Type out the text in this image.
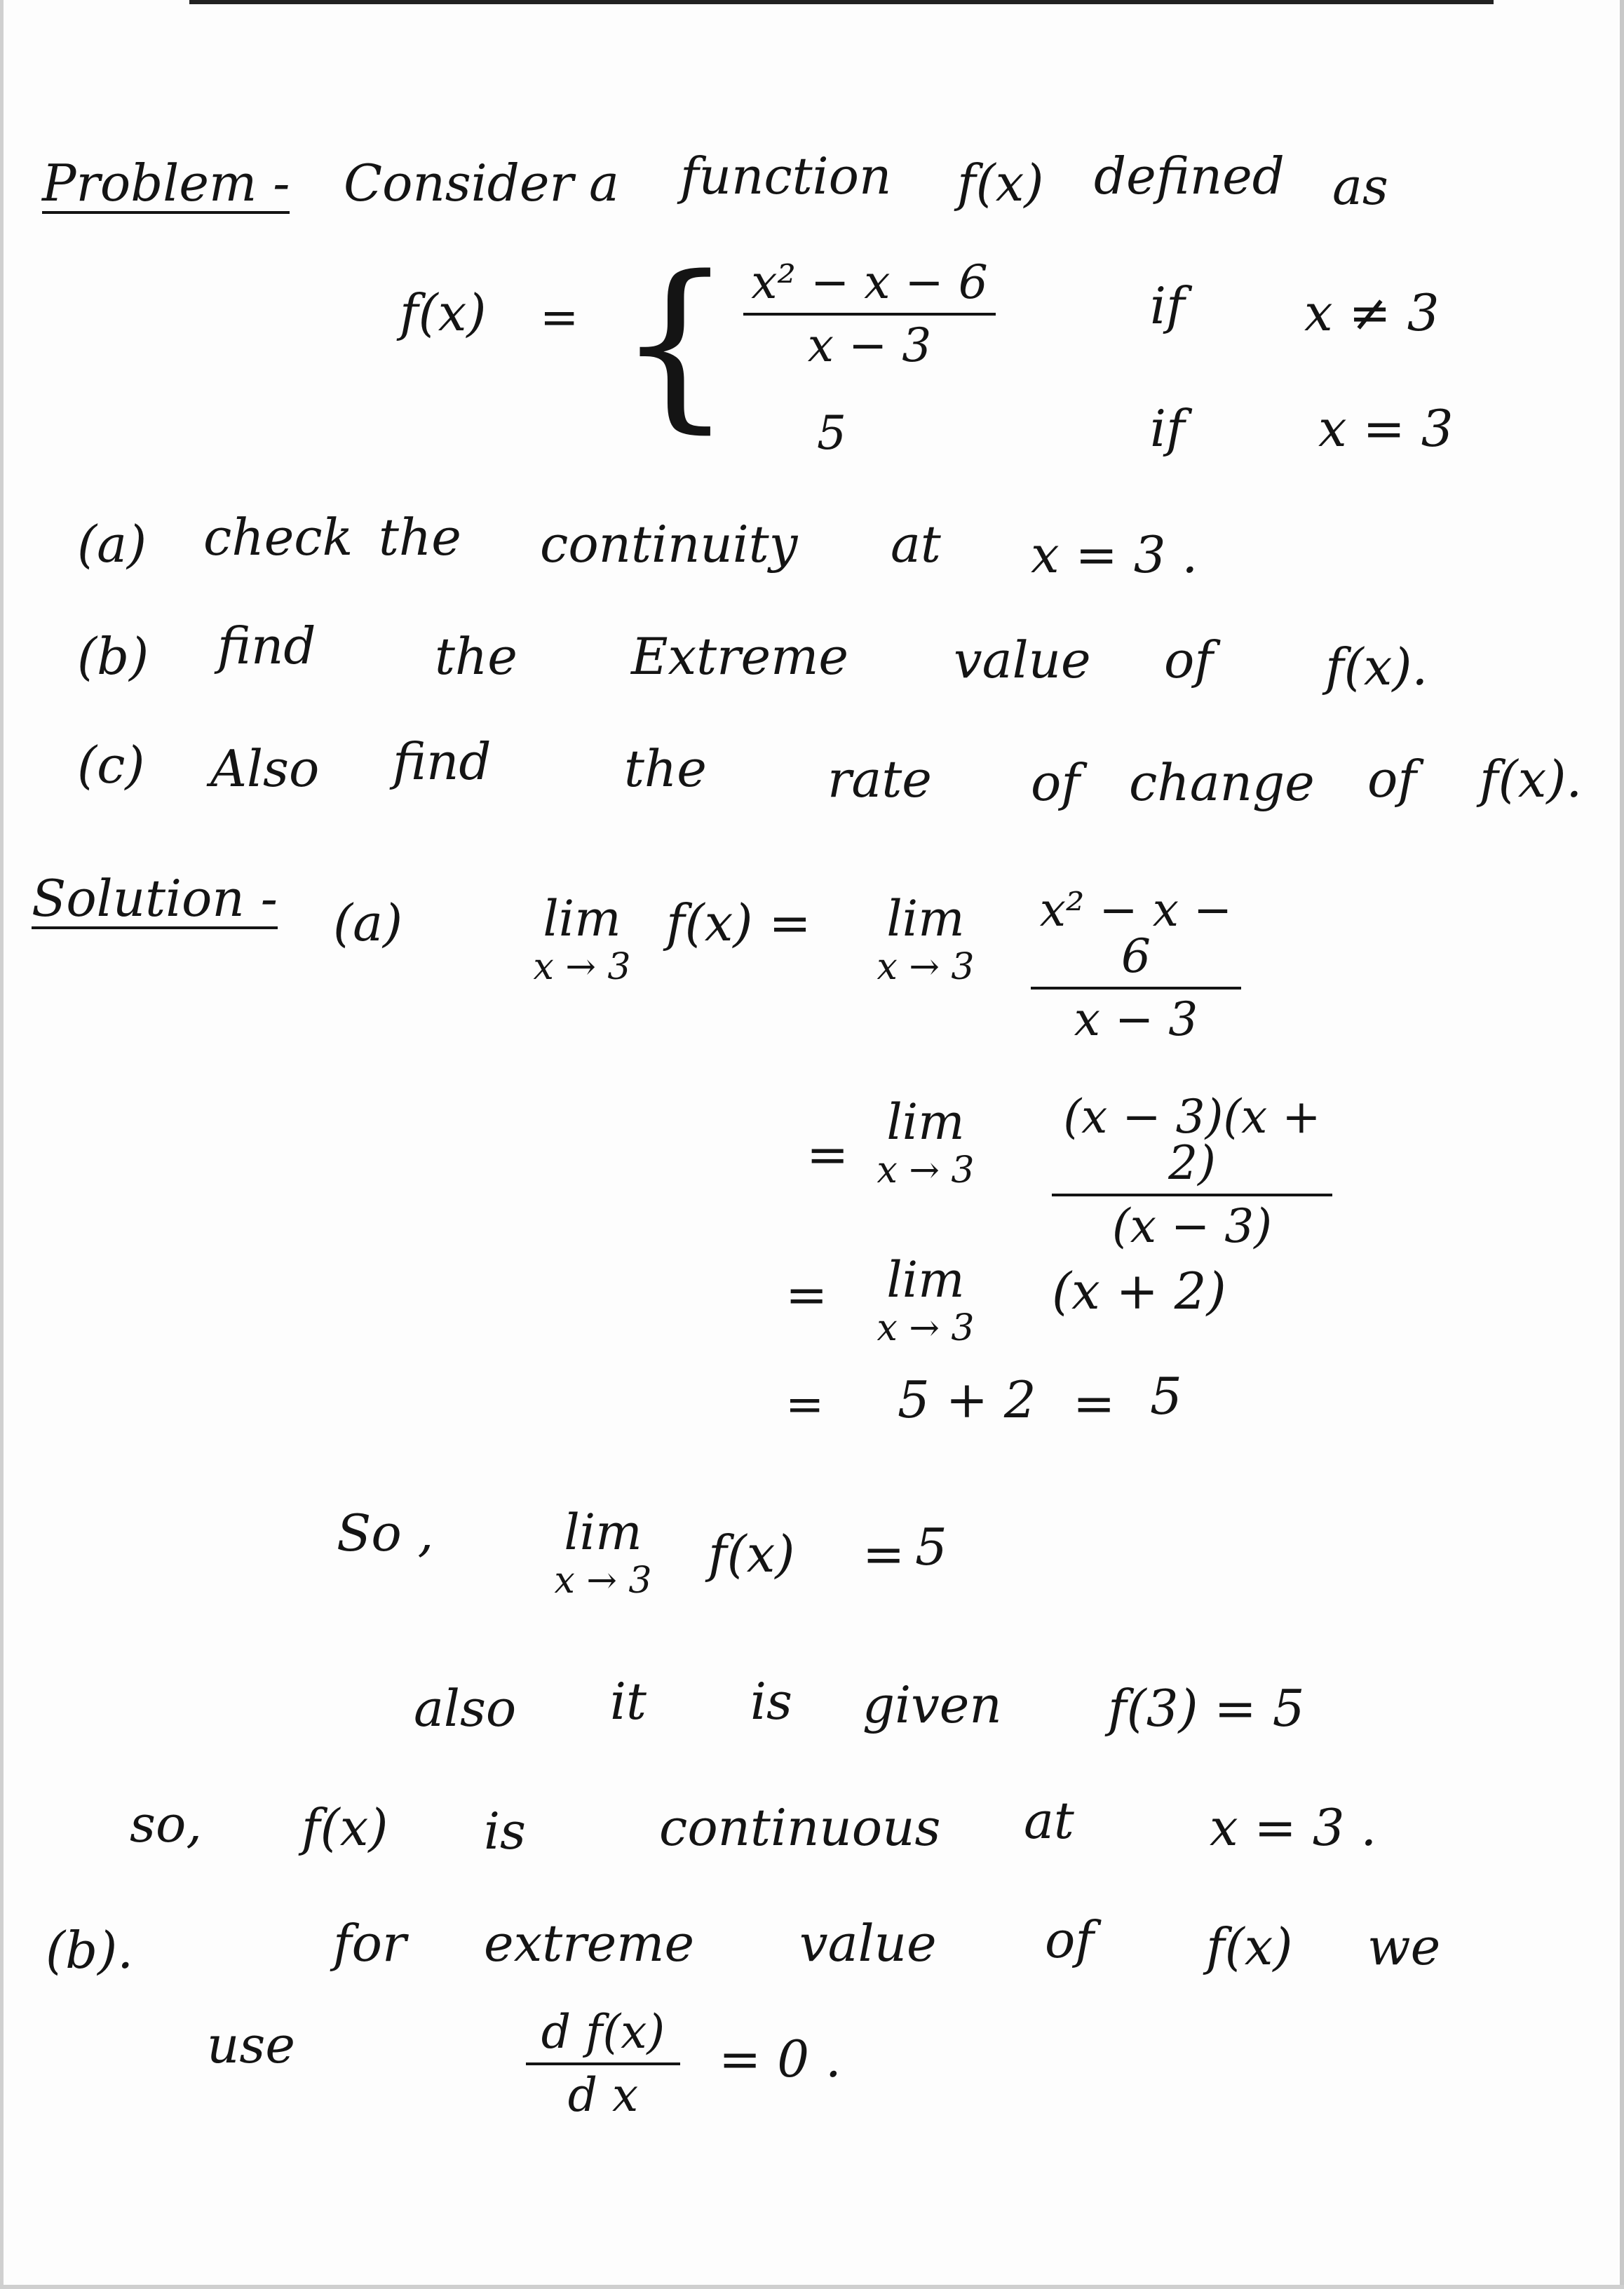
Problem - Consider a function f(x) defined as
f(x) = { x² − x − 6
x − 3
if x ≠ 3
5	if	x = 3
(a) check the continuity at x = 3 .
(b) find the Extreme value of f(x).
(c) Also find	the rate of change of f(x).
Solution - (a)	lim
x → 3
f(x) =	lim
x → 3
x² − x − 6
x − 3
=
lim
x → 3
(x − 3)(x + 2)
(x − 3)
=	lim
x → 3
(x + 2)
= 5 + 2 = 5
So ,	lim
x → 3 f(x) = 5
also it is given f(3) = 5
so, f(x) is	continuous at	x = 3 .
(b).	for extreme value of f(x) we
use	d f(x)
d x
= 0 .
